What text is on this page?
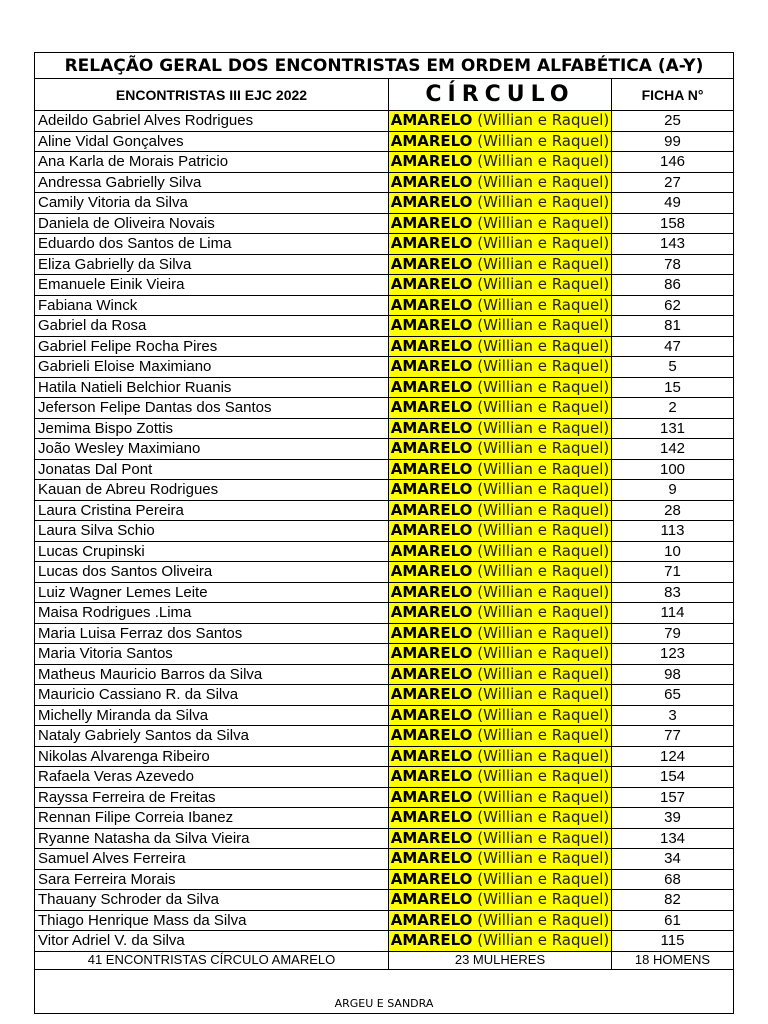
RELAÇÃO GERAL DOS ENCONTRISTAS EM ORDEM ALFABÉTICA (A-Y)		
ENCONTRISTAS III EJC 2022	CÍRCULO	FICHA N°
Adeildo Gabriel Alves Rodrigues	AMARELO (Willian e Raquel)	25
Aline Vidal Gonçalves	AMARELO (Willian e Raquel)	99
Ana Karla de Morais Patricio	AMARELO (Willian e Raquel)	146
Andressa Gabrielly Silva	AMARELO (Willian e Raquel)	27
Camily Vitoria da Silva	AMARELO (Willian e Raquel)	49
Daniela de Oliveira Novais	AMARELO (Willian e Raquel)	158
Eduardo dos Santos de Lima	AMARELO (Willian e Raquel)	143
Eliza Gabrielly da Silva	AMARELO (Willian e Raquel)	78
Emanuele Einik Vieira	AMARELO (Willian e Raquel)	86
Fabiana Winck	AMARELO (Willian e Raquel)	62
Gabriel da Rosa	AMARELO (Willian e Raquel)	81
Gabriel Felipe Rocha Pires	AMARELO (Willian e Raquel)	47
Gabrieli Eloise Maximiano	AMARELO (Willian e Raquel)	5
Hatila Natieli Belchior Ruanis	AMARELO (Willian e Raquel)	15
Jeferson Felipe Dantas dos Santos	AMARELO (Willian e Raquel)	2
Jemima Bispo Zottis	AMARELO (Willian e Raquel)	131
João Wesley Maximiano	AMARELO (Willian e Raquel)	142
Jonatas Dal Pont	AMARELO (Willian e Raquel)	100
Kauan de Abreu Rodrigues	AMARELO (Willian e Raquel)	9
Laura Cristina Pereira	AMARELO (Willian e Raquel)	28
Laura Silva Schio	AMARELO (Willian e Raquel)	113
Lucas Crupinski	AMARELO (Willian e Raquel)	10
Lucas dos Santos Oliveira	AMARELO (Willian e Raquel)	71
Luiz Wagner Lemes Leite	AMARELO (Willian e Raquel)	83
Maisa Rodrigues .Lima	AMARELO (Willian e Raquel)	114
Maria Luisa Ferraz dos Santos	AMARELO (Willian e Raquel)	79
Maria Vitoria Santos	AMARELO (Willian e Raquel)	123
Matheus Mauricio Barros da Silva	AMARELO (Willian e Raquel)	98
Mauricio Cassiano R. da Silva	AMARELO (Willian e Raquel)	65
Michelly Miranda da Silva	AMARELO (Willian e Raquel)	3
Nataly Gabriely Santos da Silva	AMARELO (Willian e Raquel)	77
Nikolas Alvarenga Ribeiro	AMARELO (Willian e Raquel)	124
Rafaela Veras Azevedo	AMARELO (Willian e Raquel)	154
Rayssa Ferreira de Freitas	AMARELO (Willian e Raquel)	157
Rennan Filipe Correia Ibanez	AMARELO (Willian e Raquel)	39
Ryanne Natasha da Silva Vieira	AMARELO (Willian e Raquel)	134
Samuel Alves Ferreira	AMARELO (Willian e Raquel)	34
Sara Ferreira Morais	AMARELO (Willian e Raquel)	68
Thauany Schroder da Silva	AMARELO (Willian e Raquel)	82
Thiago Henrique Mass da Silva	AMARELO (Willian e Raquel)	61
Vitor Adriel V. da Silva	AMARELO (Willian e Raquel)	115
41 ENCONTRISTAS CÍRCULO AMARELO	23 MULHERES	18 HOMENS
ARGEU E SANDRA		
